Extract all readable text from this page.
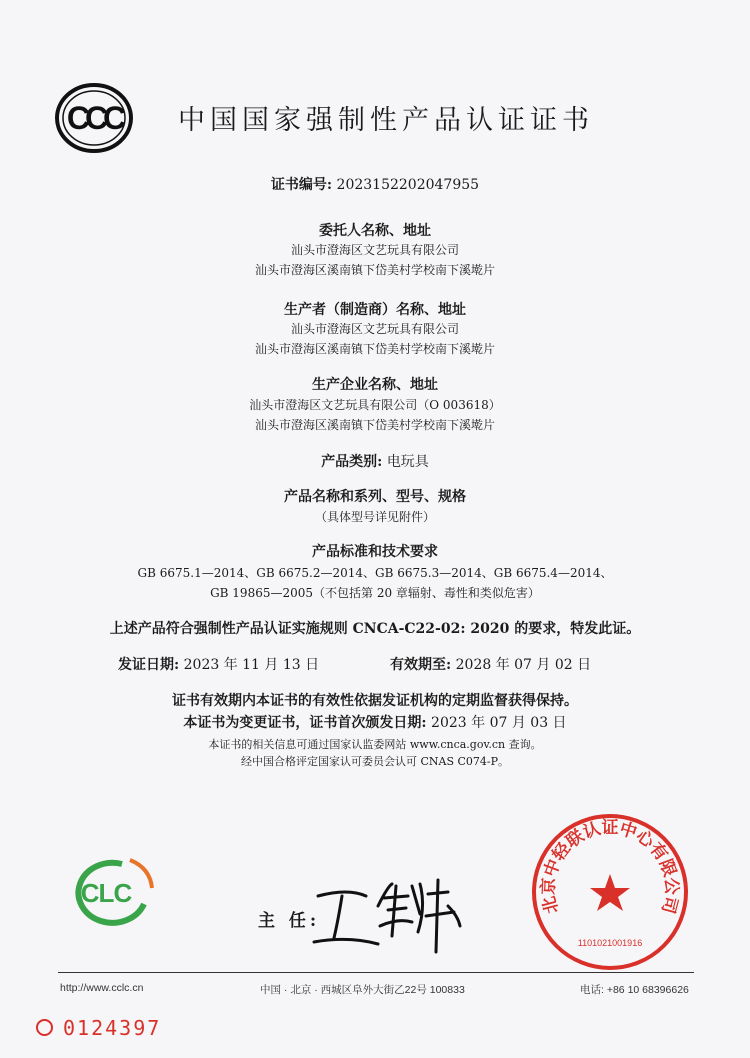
CCC 中国国家强制性产品认证证书
证书编号: 2023152202047955
委托人名称、地址
汕头市澄海区文艺玩具有限公司
汕头市澄海区溪南镇下岱美村学校南下溪墘片
生产者（制造商）名称、地址
汕头市澄海区文艺玩具有限公司
汕头市澄海区溪南镇下岱美村学校南下溪墘片
生产企业名称、地址
汕头市澄海区文艺玩具有限公司（O 003618）
汕头市澄海区溪南镇下岱美村学校南下溪墘片
产品类别: 电玩具
产品名称和系列、型号、规格
（具体型号详见附件）
产品标准和技术要求
GB 6675.1—2014、GB 6675.2—2014、GB 6675.3—2014、GB 6675.4—2014、
GB 19865—2005（不包括第 20 章辐射、毒性和类似危害）
上述产品符合强制性产品认证实施规则 CNCA-C22-02: 2020 的要求，特发此证。
发证日期: 2023 年 11 月 13 日	有效期至: 2028 年 07 月 02 日
证书有效期内本证书的有效性依据发证机构的定期监督获得保持。
本证书为变更证书，证书首次颁发日期: 2023 年 07 月 03 日
本证书的相关信息可通过国家认监委网站 www.cnca.gov.cn 查询。
经中国合格评定国家认可委员会认可 CNAS C074-P。
CLC
主 任:
北京中轻联认证中心有限公司
1101021001916
http://www.cclc.cn	中国 · 北京 · 西城区阜外大街乙22号 100833	电话: +86 10 68396626
0124397
